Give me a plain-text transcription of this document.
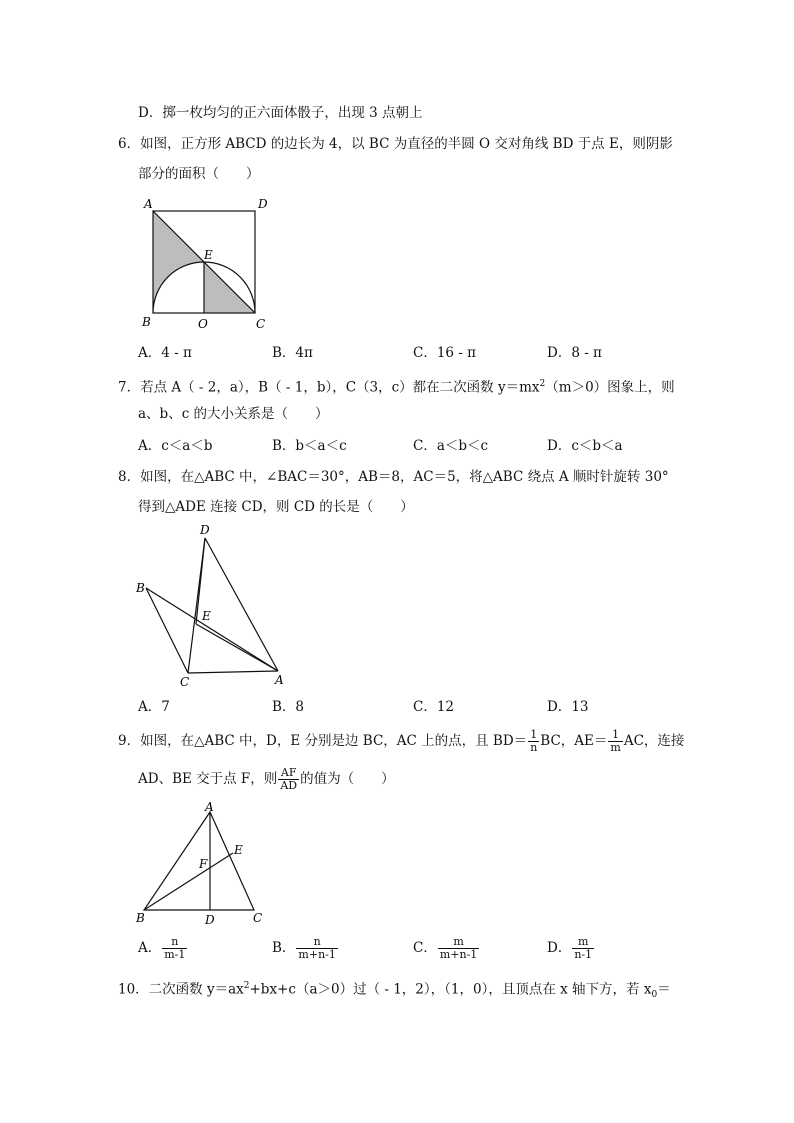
D．掷一枚均匀的正六面体骰子，出现 3 点朝上
6．如图，正方形 ABCD 的边长为 4，以 BC 为直径的半圆 O 交对角线 BD 于点 E，则阴影
部分的面积（　　）
A	D
E
B	O	C
A．4 - π	B．4π	C．16 - π	D．8 - π
7．若点 A（ - 2，a），B（ - 1，b），C（3，c）都在二次函数 $y=mx^2(m>0)$图象上，则
a、b、c 的大小关系是（　　）
A．c＜a＜b	B．b＜a＜c	C．a＜b＜c	D．c＜b＜a
8．如图，在△ABC 中，∠BAC＝30°，AB＝8，AC＝5，将△ABC 绕点 A 顺时针旋转 30°
得到△ADE 连接 CD，则 CD 的长是（　　）
D
B
E
C	A
A．7	B．8	C．12	D．13
9．如图，在△ABC 中，D，E 分别是边 BC，AC 上的点，且 $BD= \frac{1}{n}$ BC，$AE= \frac{1}{m}$ AC，连接
AD、BE 交于点 F，则 $\frac{AF}{AD}$ 的值为（　　）
A
E
F
B	D	C
A． $\frac{n}{m-1}$	B． $\frac{n}{m+n-1}$	C． $\frac{m}{m+n-1}$	D． $\frac{m}{n-1}$
10．二次函数 $y=ax^2+bx+c(a>0)$过（ - 1，2），（1，0），且顶点在 x 轴下方，若 $x_0=$
